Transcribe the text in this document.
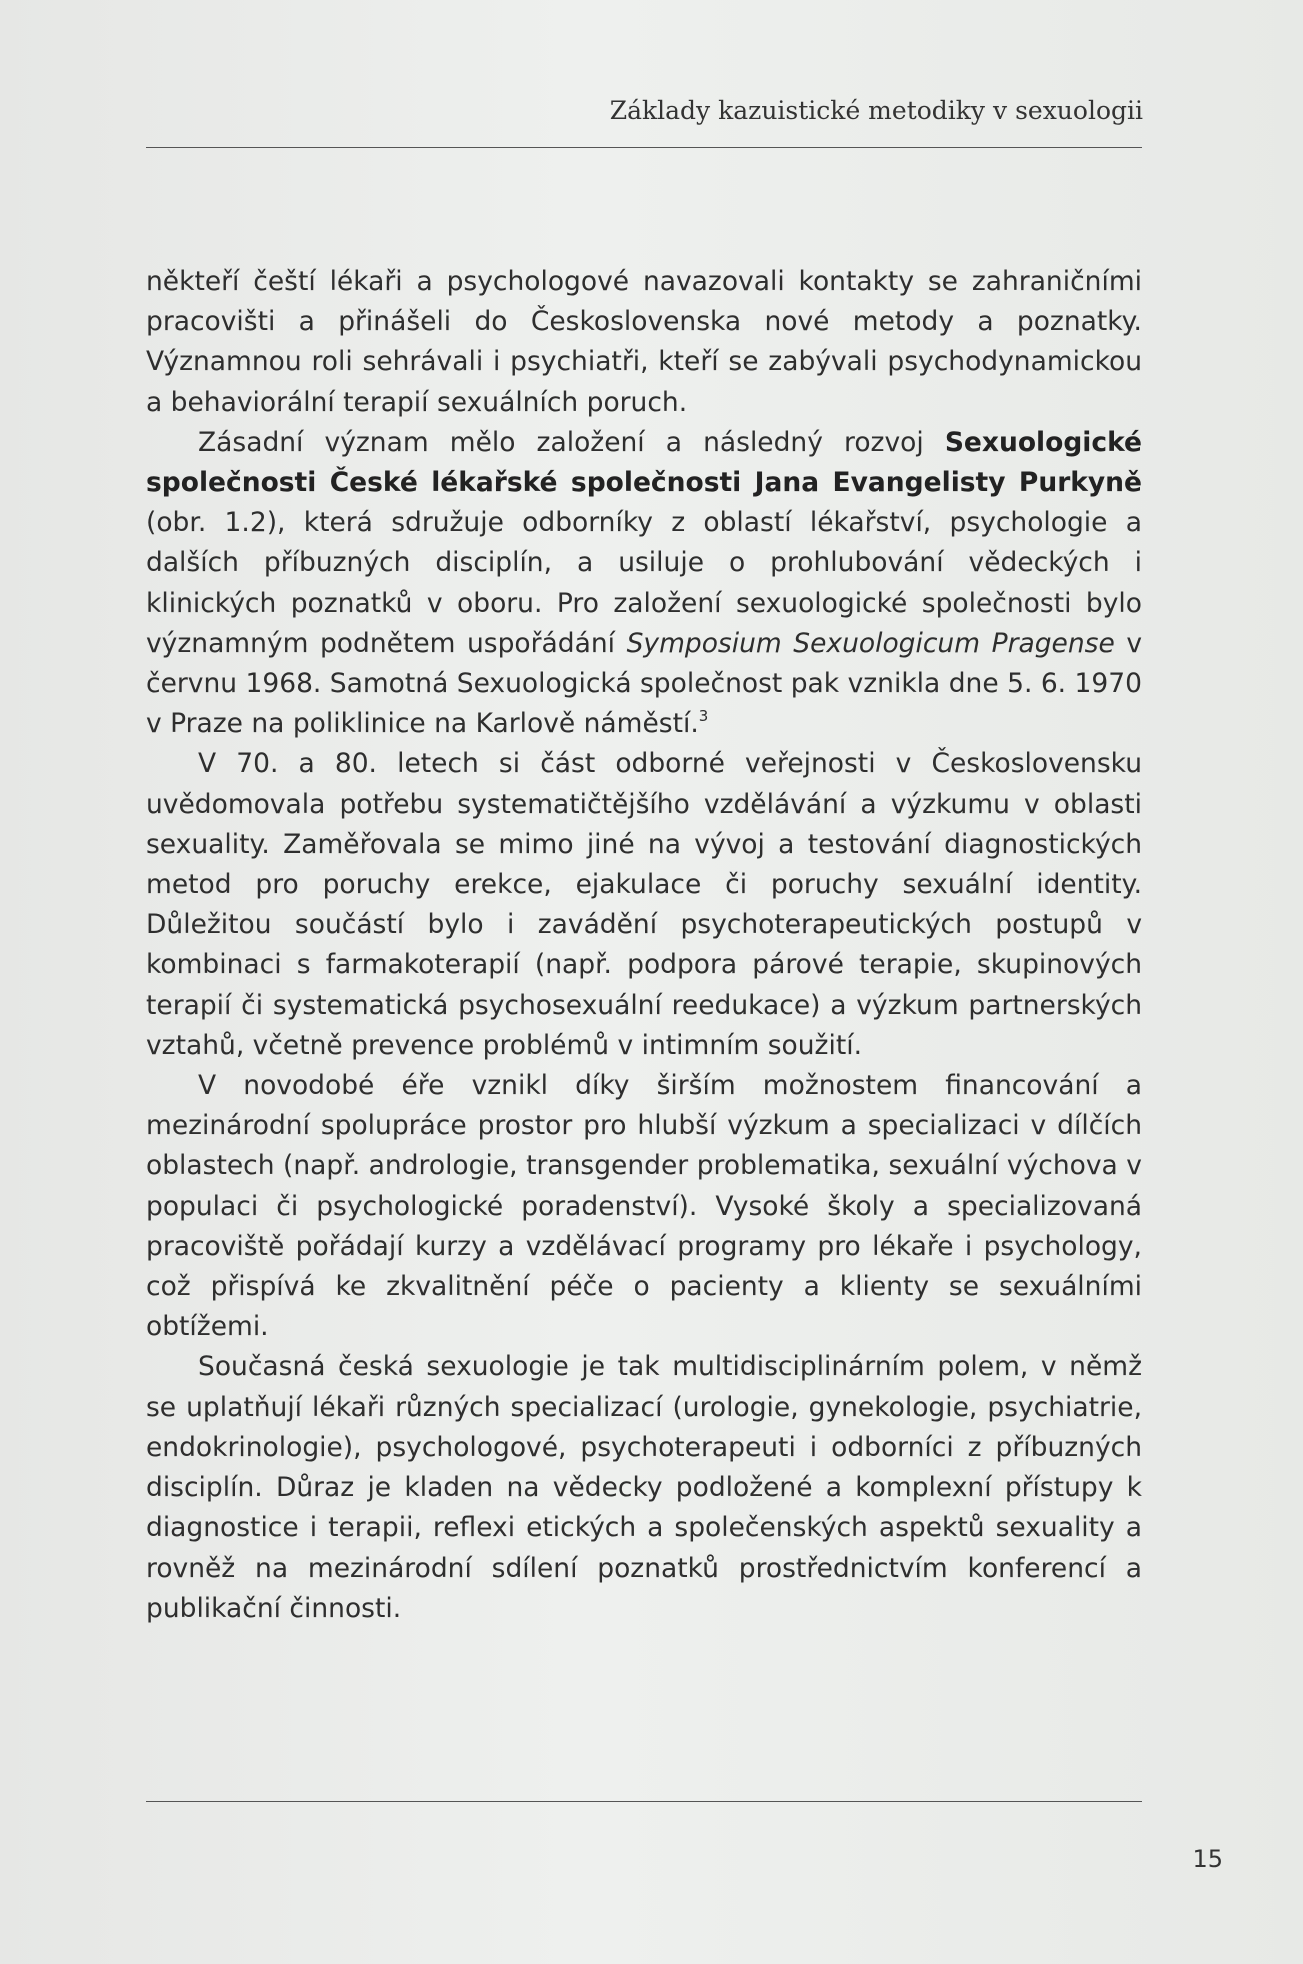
Základy kazuistické metodiky v sexuologii

někteří čeští lékaři a psychologové navazovali kontakty se zahraničními pracovišti a přinášeli do Československa nové metody a poznatky. Významnou roli sehrávali i psychiatři, kteří se zabývali psychodynamickou a behaviorální terapií sexuálních poruch.

Zásadní význam mělo založení a následný rozvoj Sexuologické společnosti České lékařské společnosti Jana Evangelisty Purkyně (obr. 1.2), která sdružuje odborníky z oblastí lékařství, psychologie a dalších příbuzných disciplín, a usiluje o prohlubování vědeckých i klinických poznatků v oboru. Pro založení sexuologické společnosti bylo významným podnětem uspořádání Symposium Sexuologicum Pragense v červnu 1968. Samotná Sexuologická společnost pak vznikla dne 5. 6. 1970 v Praze na poliklinice na Karlově náměstí.$^3$

V 70. a 80. letech si část odborné veřejnosti v Československu uvědomovala potřebu systematičtějšího vzdělávání a výzkumu v oblasti sexuality. Zaměřovala se mimo jiné na vývoj a testování diagnostických metod pro poruchy erekce, ejakulace či poruchy sexuální identity. Důležitou součástí bylo i zavádění psychoterapeutických postupů v kombinaci s farmakoterapií (např. podpora párové terapie, skupinových terapií či systematická psychosexuální reedukace) a výzkum partnerských vztahů, včetně prevence problémů v intimním soužití.

V novodobé éře vznikl díky širším možnostem financování a mezinárodní spolupráce prostor pro hlubší výzkum a specializaci v dílčích oblastech (např. andrologie, transgender problematika, sexuální výchova v populaci či psychologické poradenství). Vysoké školy a specializovaná pracoviště pořádají kurzy a vzdělávací programy pro lékaře i psychology, což přispívá ke zkvalitnění péče o pacienty a klienty se sexuálními obtížemi.

Současná česká sexuologie je tak multidisciplinárním polem, v němž se uplatňují lékaři různých specializací (urologie, gynekologie, psychiatrie, endokrinologie), psychologové, psychoterapeuti i odborníci z příbuzných disciplín. Důraz je kladen na vědecky podložené a komplexní přístupy k diagnostice i terapii, reflexi etických a společenských aspektů sexuality a rovněž na mezinárodní sdílení poznatků prostřednictvím konferencí a publikační činnosti.

15
